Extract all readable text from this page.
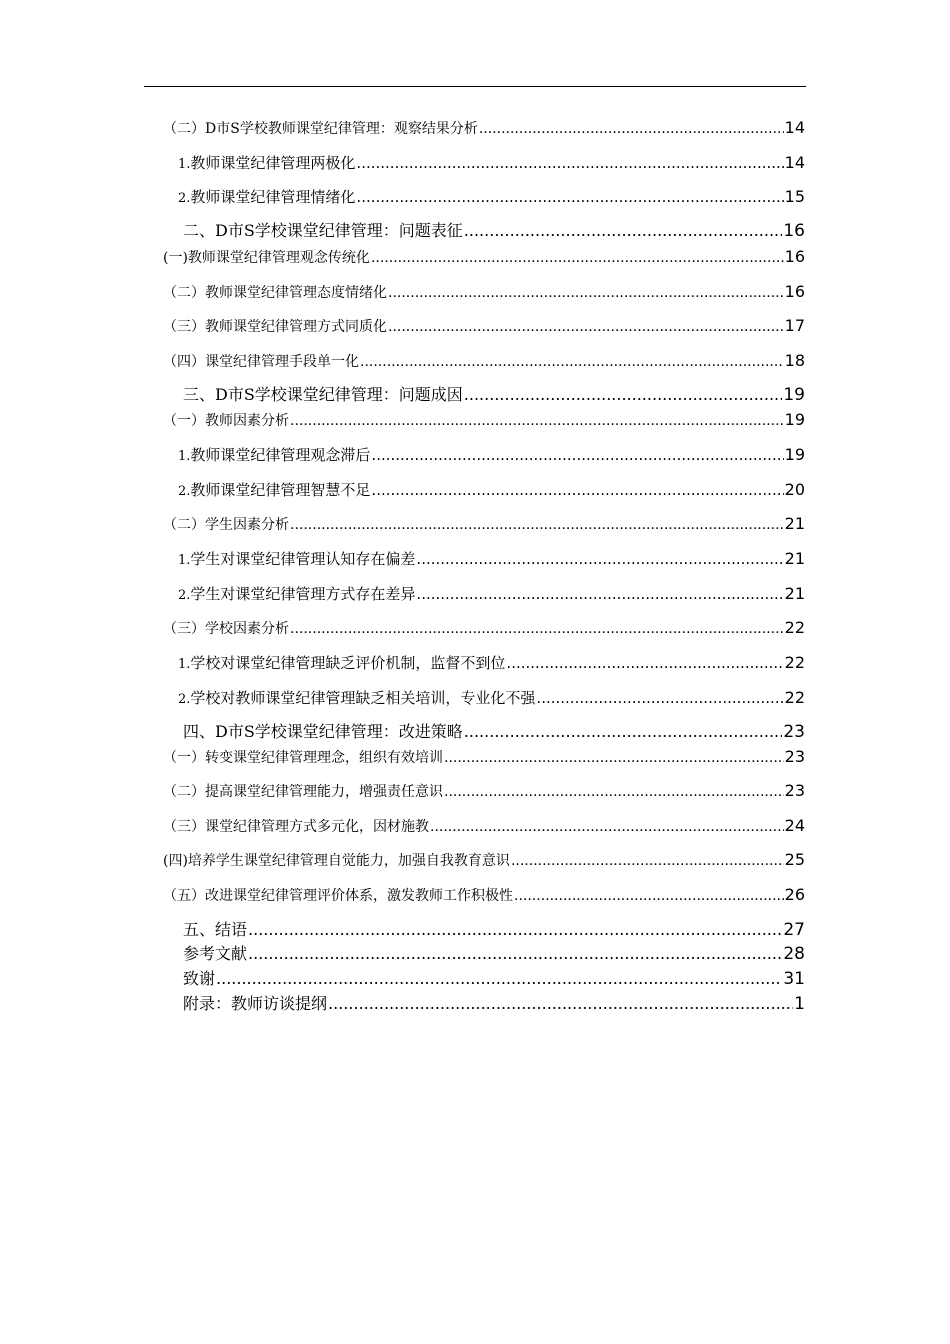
（二）D市S学校教师课堂纪律管理：观察结果分析 .....	14
1. 教师课堂纪律管理两极化 .....	14
2. 教师课堂纪律管理情绪化 .....	15
二、D市S学校课堂纪律管理：问题表征 .....	16
(一)教师课堂纪律管理观念传统化 .....	16
（二）教师课堂纪律管理态度情绪化 .....	16
（三）教师课堂纪律管理方式同质化 .....	17
（四）课堂纪律管理手段单一化 .....	18
三、D市S学校课堂纪律管理：问题成因 .....	19
（一）教师因素分析 .....	19
1. 教师课堂纪律管理观念滞后 .....	19
2. 教师课堂纪律管理智慧不足 .....	20
（二）学生因素分析 .....	21
1. 学生对课堂纪律管理认知存在偏差 .....	21
2. 学生对课堂纪律管理方式存在差异 .....	21
（三）学校因素分析 .....	22
1. 学校对课堂纪律管理缺乏评价机制，监督不到位 .....	22
2. 学校对教师课堂纪律管理缺乏相关培训，专业化不强 .....	22
四、D市S学校课堂纪律管理：改进策略 .....	23
（一）转变课堂纪律管理理念，组织有效培训 .....	23
（二）提高课堂纪律管理能力，增强责任意识 .....	23
（三）课堂纪律管理方式多元化，因材施教 .....	24
(四)培养学生课堂纪律管理自觉能力，加强自我教育意识 .....	25
（五）改进课堂纪律管理评价体系，激发教师工作积极性 .....	26
五、结语 .....	27
参考文献 .....	28
致谢 .....	31
附录：教师访谈提纲 .....	1
